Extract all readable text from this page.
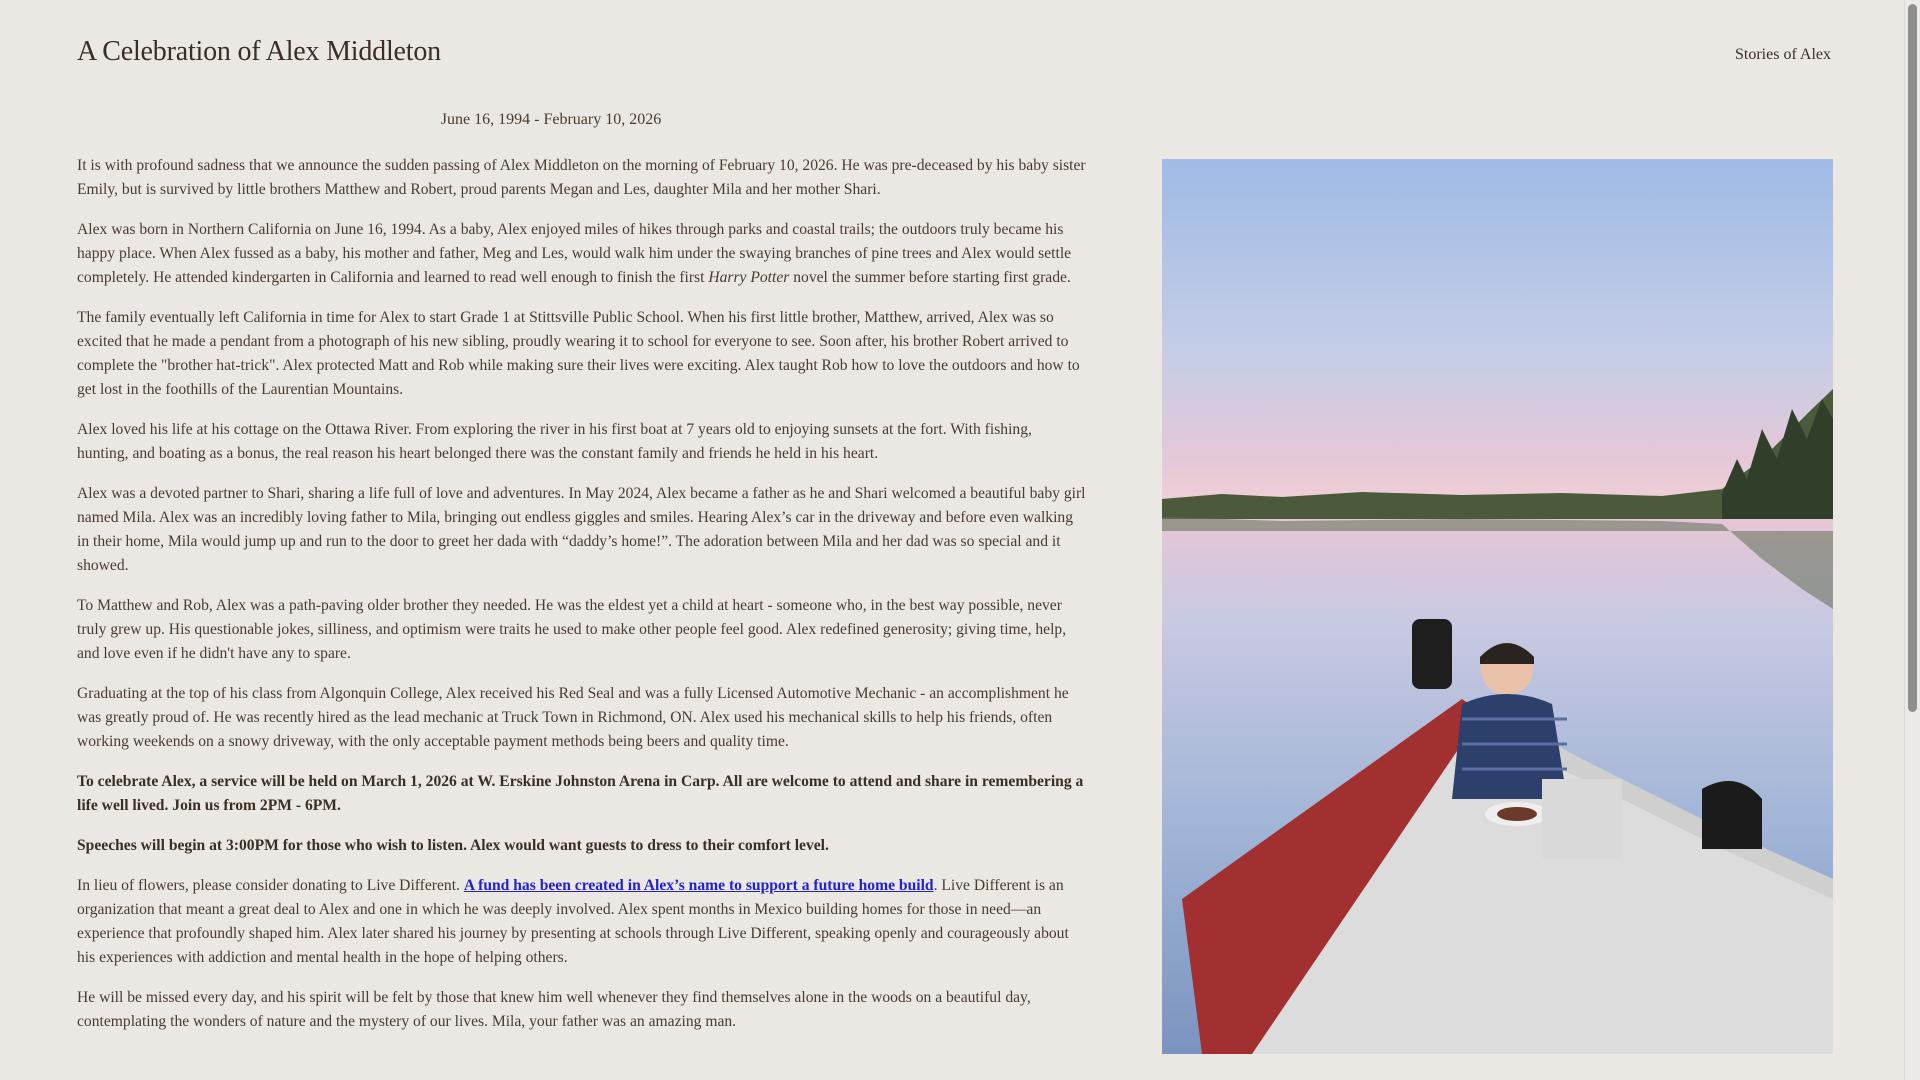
A Celebration of Alex Middleton	Stories of Alex
June 16, 1994 - February 10, 2026

It is with profound sadness that we announce the sudden passing of Alex Middleton on the morning of February 10, 2026. He was pre-deceased by his baby sister Emily, but is survived by little brothers Matthew and Robert, proud parents Megan and Les, daughter Mila and her mother Shari.

Alex was born in Northern California on June 16, 1994. As a baby, Alex enjoyed miles of hikes through parks and coastal trails; the outdoors truly became his happy place. When Alex fussed as a baby, his mother and father, Meg and Les, would walk him under the swaying branches of pine trees and Alex would settle completely. He attended kindergarten in California and learned to read well enough to finish the first Harry Potter novel the summer before starting first grade.

The family eventually left California in time for Alex to start Grade 1 at Stittsville Public School. When his first little brother, Matthew, arrived, Alex was so excited that he made a pendant from a photograph of his new sibling, proudly wearing it to school for everyone to see. Soon after, his brother Robert arrived to complete the "brother hat-trick". Alex protected Matt and Rob while making sure their lives were exciting. Alex taught Rob how to love the outdoors and how to get lost in the foothills of the Laurentian Mountains.

Alex loved his life at his cottage on the Ottawa River. From exploring the river in his first boat at 7 years old to enjoying sunsets at the fort. With fishing, hunting, and boating as a bonus, the real reason his heart belonged there was the constant family and friends he held in his heart.

Alex was a devoted partner to Shari, sharing a life full of love and adventures. In May 2024, Alex became a father as he and Shari welcomed a beautiful baby girl named Mila. Alex was an incredibly loving father to Mila, bringing out endless giggles and smiles. Hearing Alex’s car in the driveway and before even walking in their home, Mila would jump up and run to the door to greet her dada with “daddy’s home!”. The adoration between Mila and her dad was so special and it showed.

To Matthew and Rob, Alex was a path-paving older brother they needed. He was the eldest yet a child at heart - someone who, in the best way possible, never truly grew up. His questionable jokes, silliness, and optimism were traits he used to make other people feel good. Alex redefined generosity; giving time, help, and love even if he didn't have any to spare.

Graduating at the top of his class from Algonquin College, Alex received his Red Seal and was a fully Licensed Automotive Mechanic - an accomplishment he was greatly proud of. He was recently hired as the lead mechanic at Truck Town in Richmond, ON. Alex used his mechanical skills to help his friends, often working weekends on a snowy driveway, with the only acceptable payment methods being beers and quality time.

To celebrate Alex, a service will be held on March 1, 2026 at W. Erskine Johnston Arena in Carp. All are welcome to attend and share in remembering a life well lived. Join us from 2PM - 6PM.

Speeches will begin at 3:00PM for those who wish to listen. Alex would want guests to dress to their comfort level.

In lieu of flowers, please consider donating to Live Different. A fund has been created in Alex’s name to support a future home build. Live Different is an organization that meant a great deal to Alex and one in which he was deeply involved. Alex spent months in Mexico building homes for those in need—an experience that profoundly shaped him. Alex later shared his journey by presenting at schools through Live Different, speaking openly and courageously about his experiences with addiction and mental health in the hope of helping others.

He will be missed every day, and his spirit will be felt by those that knew him well whenever they find themselves alone in the woods on a beautiful day, contemplating the wonders of nature and the mystery of our lives. Mila, your father was an amazing man.
